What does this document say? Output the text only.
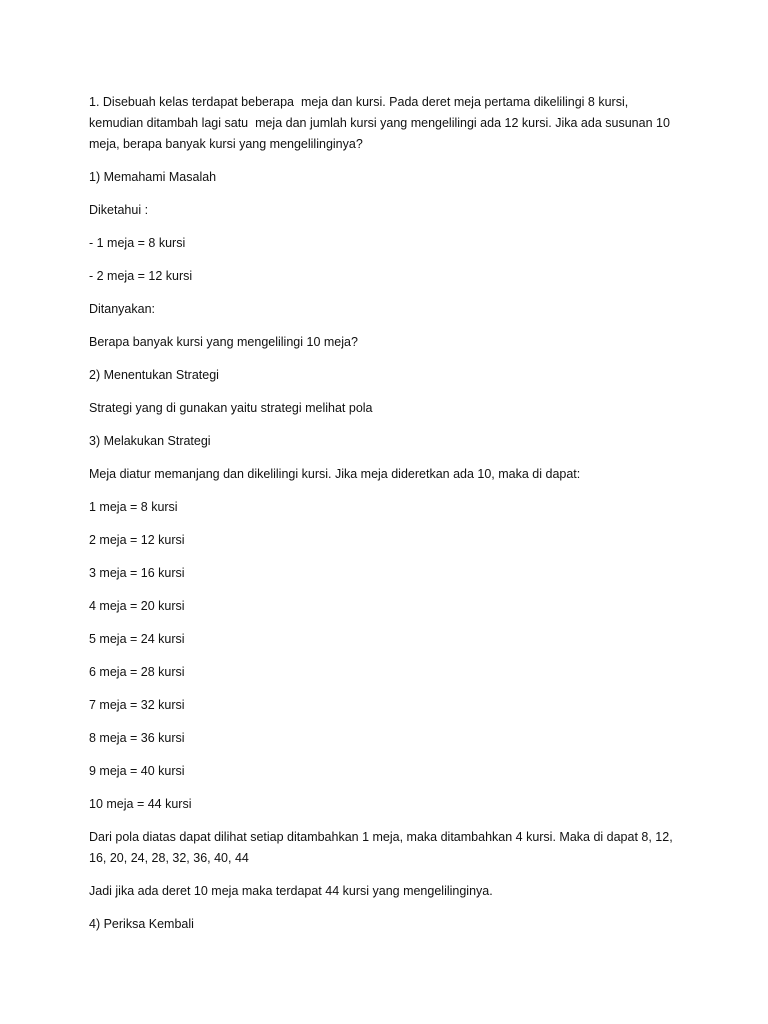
1. Disebuah kelas terdapat beberapa  meja dan kursi. Pada deret meja pertama dikelilingi 8 kursi, kemudian ditambah lagi satu  meja dan jumlah kursi yang mengelilingi ada 12 kursi. Jika ada susunan 10 meja, berapa banyak kursi yang mengelilinginya?

1) Memahami Masalah

Diketahui :

- 1 meja = 8 kursi

- 2 meja = 12 kursi

Ditanyakan:

Berapa banyak kursi yang mengelilingi 10 meja?

2) Menentukan Strategi

Strategi yang di gunakan yaitu strategi melihat pola

3) Melakukan Strategi

Meja diatur memanjang dan dikelilingi kursi. Jika meja dideretkan ada 10, maka di dapat:

1 meja = 8 kursi

2 meja = 12 kursi

3 meja = 16 kursi

4 meja = 20 kursi

5 meja = 24 kursi

6 meja = 28 kursi

7 meja = 32 kursi

8 meja = 36 kursi

9 meja = 40 kursi

10 meja = 44 kursi

Dari pola diatas dapat dilihat setiap ditambahkan 1 meja, maka ditambahkan 4 kursi. Maka di dapat 8, 12, 16, 20, 24, 28, 32, 36, 40, 44

Jadi jika ada deret 10 meja maka terdapat 44 kursi yang mengelilinginya.

4) Periksa Kembali
